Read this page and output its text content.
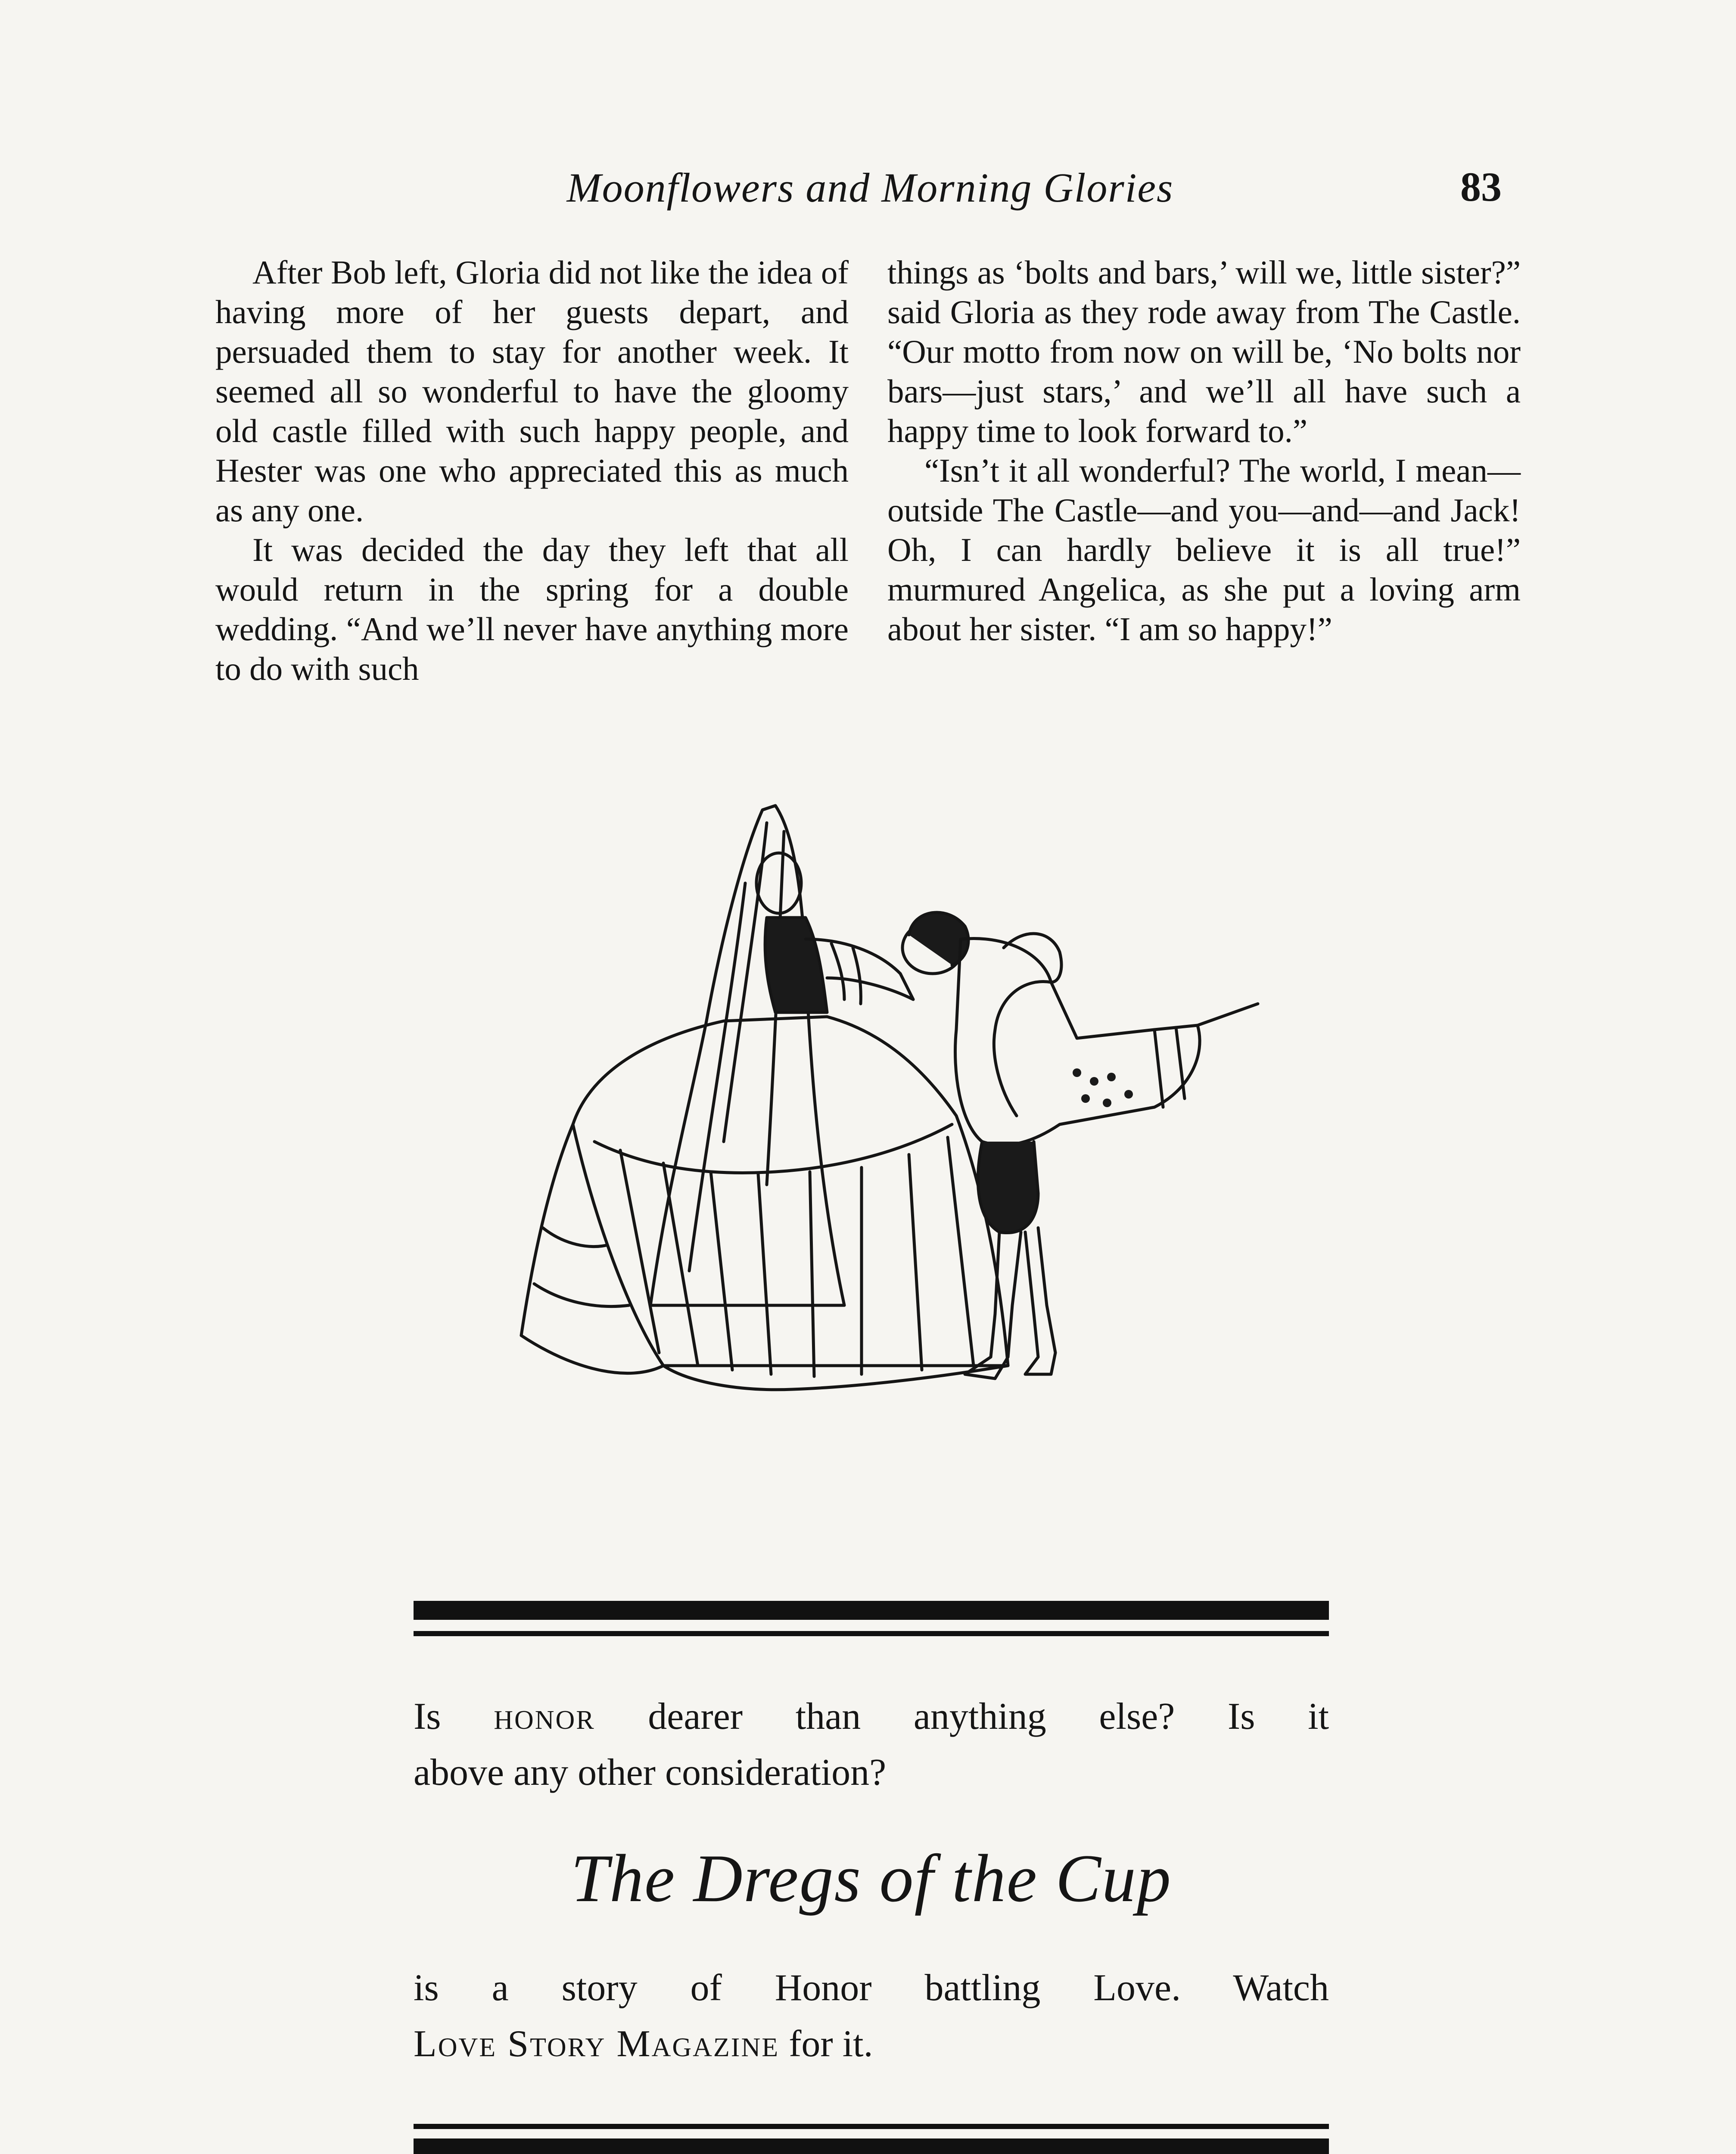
Moonflowers and Morning Glories	83

After Bob left, Gloria did not like the idea of having more of her guests depart, and persuaded them to stay for another week. It seemed all so wonderful to have the gloomy old castle filled with such happy people, and Hester was one who appreciated this as much as any one.

It was decided the day they left that all would return in the spring for a double wedding. “And we’ll never have anything more to do with such

things as ‘bolts and bars,’ will we, little sister?” said Gloria as they rode away from The Castle. “Our motto from now on will be, ‘No bolts nor bars—just stars,’ and we’ll all have such a happy time to look forward to.”

“Isn’t it all wonderful? The world, I mean—outside The Castle—and you—and—and Jack! Oh, I can hardly believe it is all true!” murmured Angelica, as she put a loving arm about her sister. “I am so happy!”

Is honor dearer than anything else? Is it
above any other consideration?
The Dregs of the Cup
is a story of Honor battling Love. Watch
Love Story Magazine for it.
